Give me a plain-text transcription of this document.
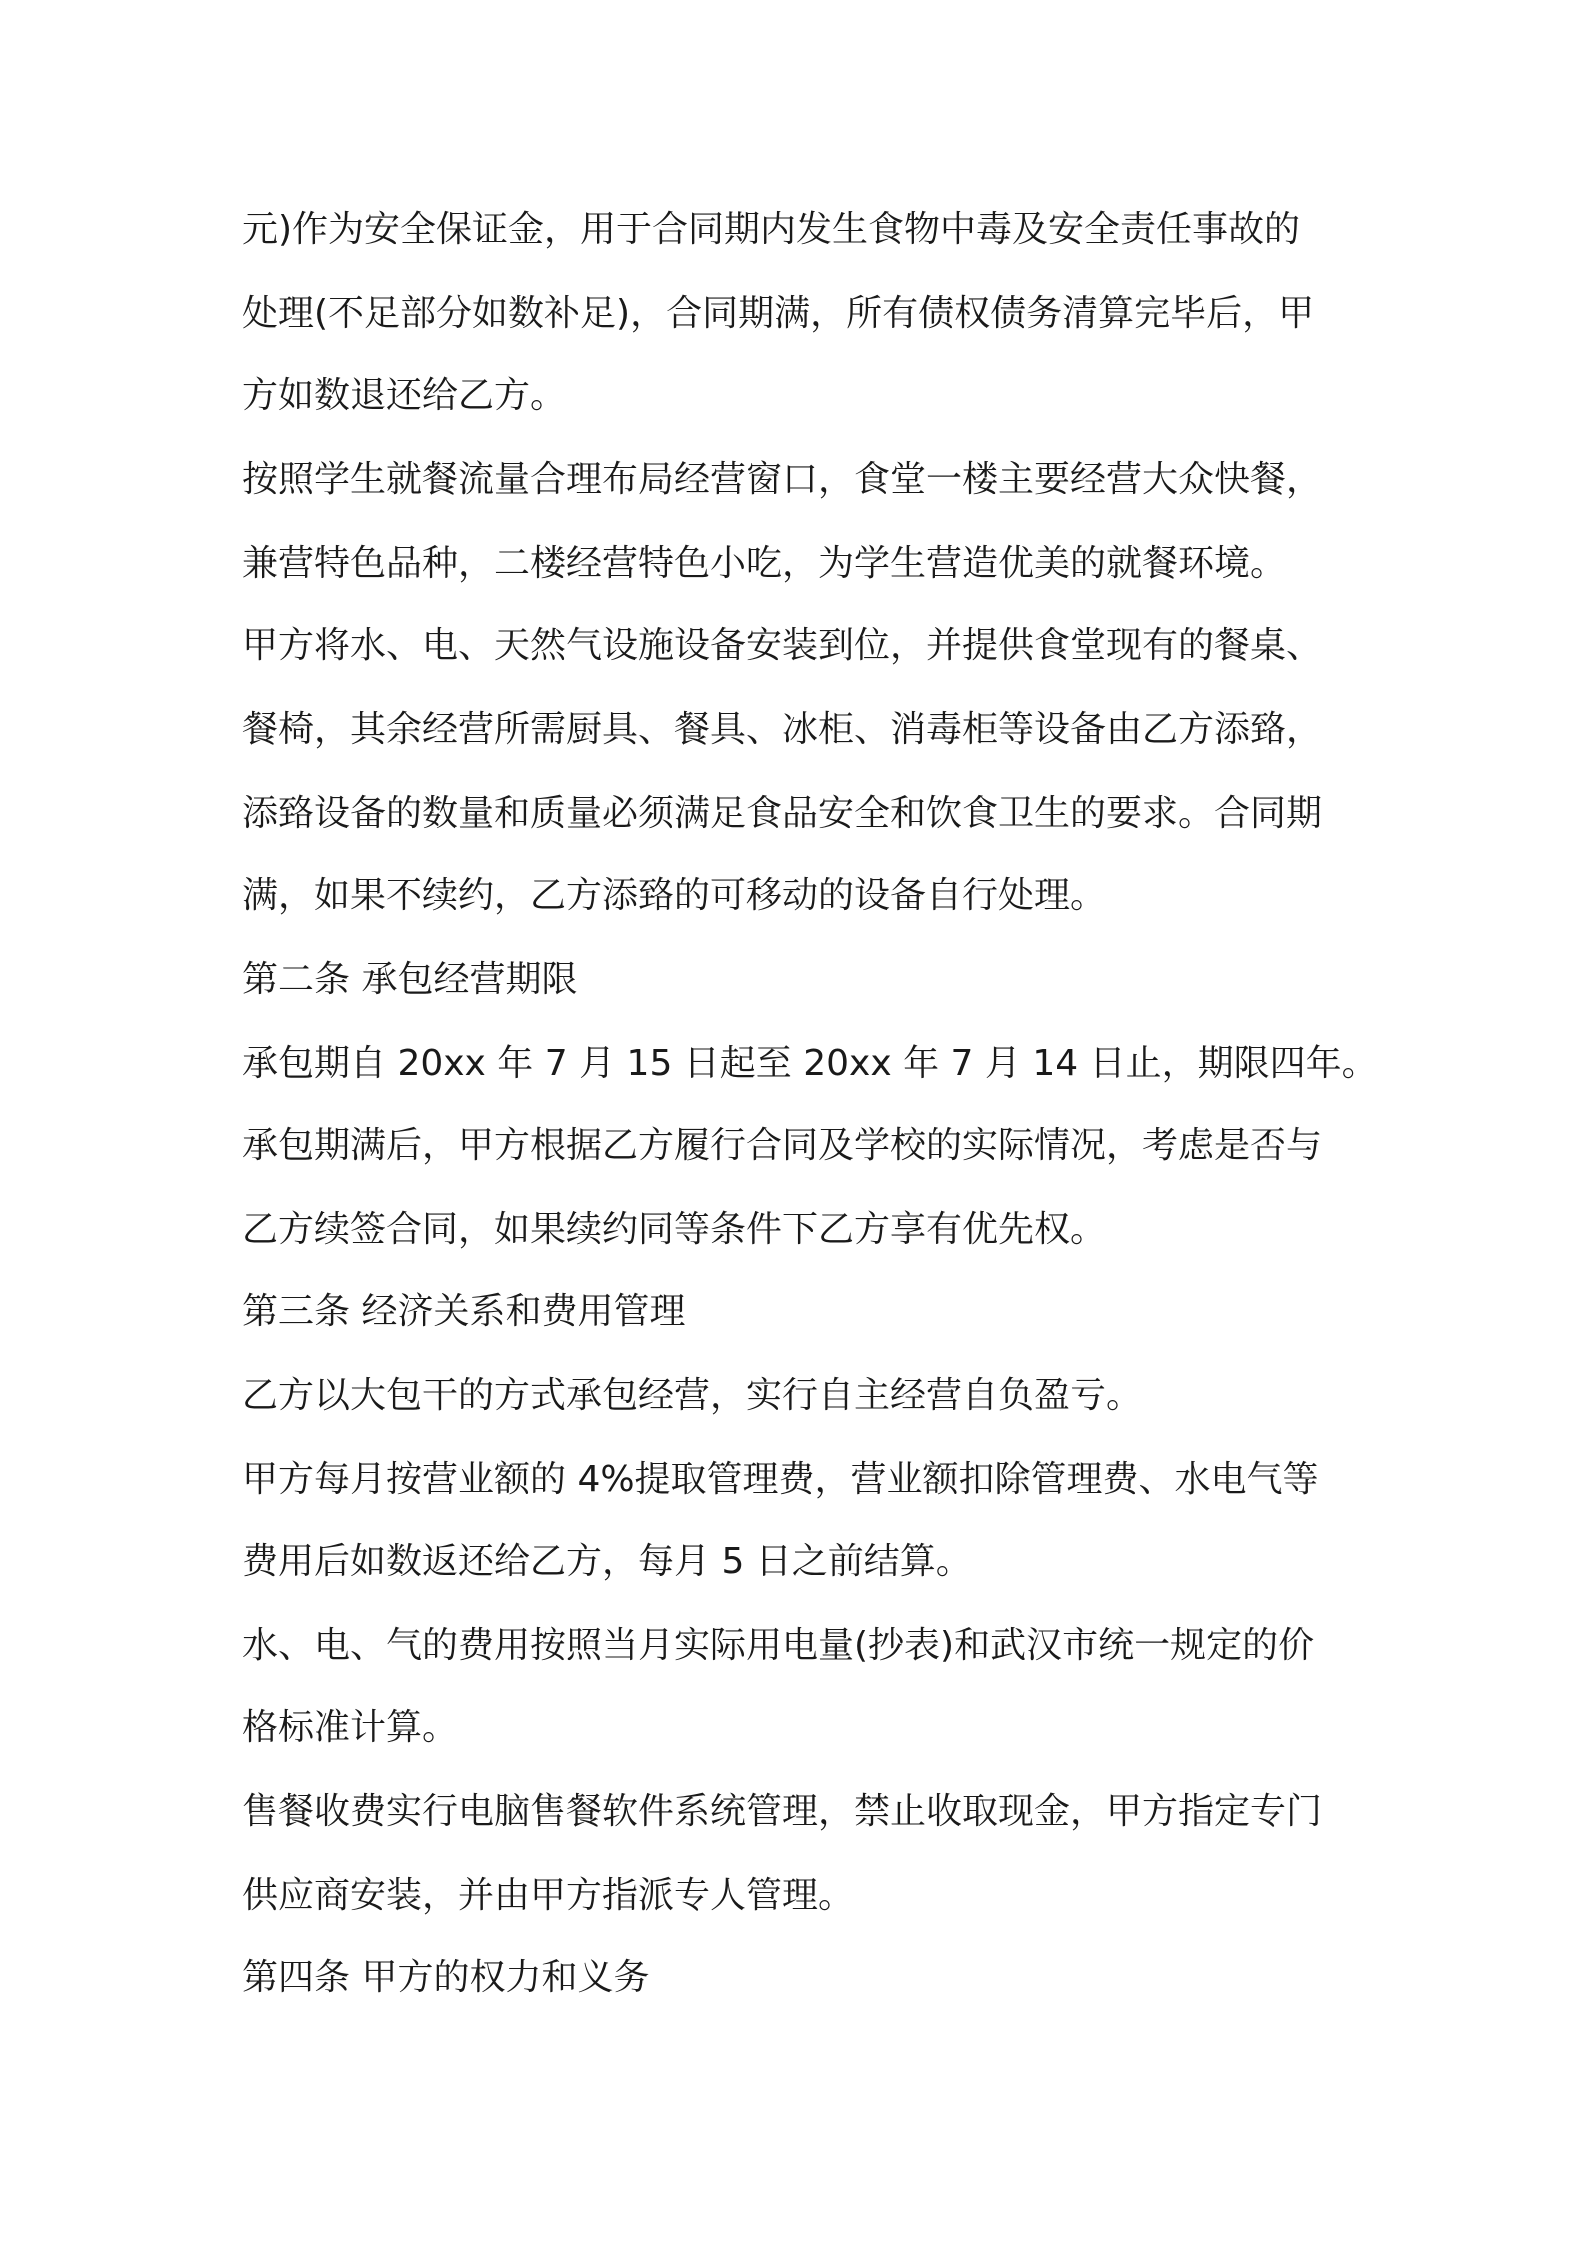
元)作为安全保证金，用于合同期内发生食物中毒及安全责任事故的
处理(不足部分如数补足)，合同期满，所有债权债务清算完毕后，甲
方如数退还给乙方。
按照学生就餐流量合理布局经营窗口，食堂一楼主要经营大众快餐，
兼营特色品种，二楼经营特色小吃，为学生营造优美的就餐环境。
甲方将水、电、天然气设施设备安装到位，并提供食堂现有的餐桌、
餐椅，其余经营所需厨具、餐具、冰柜、消毒柜等设备由乙方添臵，
添臵设备的数量和质量必须满足食品安全和饮食卫生的要求。合同期
满，如果不续约，乙方添臵的可移动的设备自行处理。
第二条 承包经营期限
承包期自 20xx 年 7 月 15 日起至 20xx 年 7 月 14 日止，期限四年。
承包期满后，甲方根据乙方履行合同及学校的实际情况，考虑是否与
乙方续签合同，如果续约同等条件下乙方享有优先权。
第三条 经济关系和费用管理
乙方以大包干的方式承包经营，实行自主经营自负盈亏。
甲方每月按营业额的 4%提取管理费，营业额扣除管理费、水电气等
费用后如数返还给乙方，每月 5 日之前结算。
水、电、气的费用按照当月实际用电量(抄表)和武汉市统一规定的价
格标准计算。
售餐收费实行电脑售餐软件系统管理，禁止收取现金，甲方指定专门
供应商安装，并由甲方指派专人管理。
第四条 甲方的权力和义务
